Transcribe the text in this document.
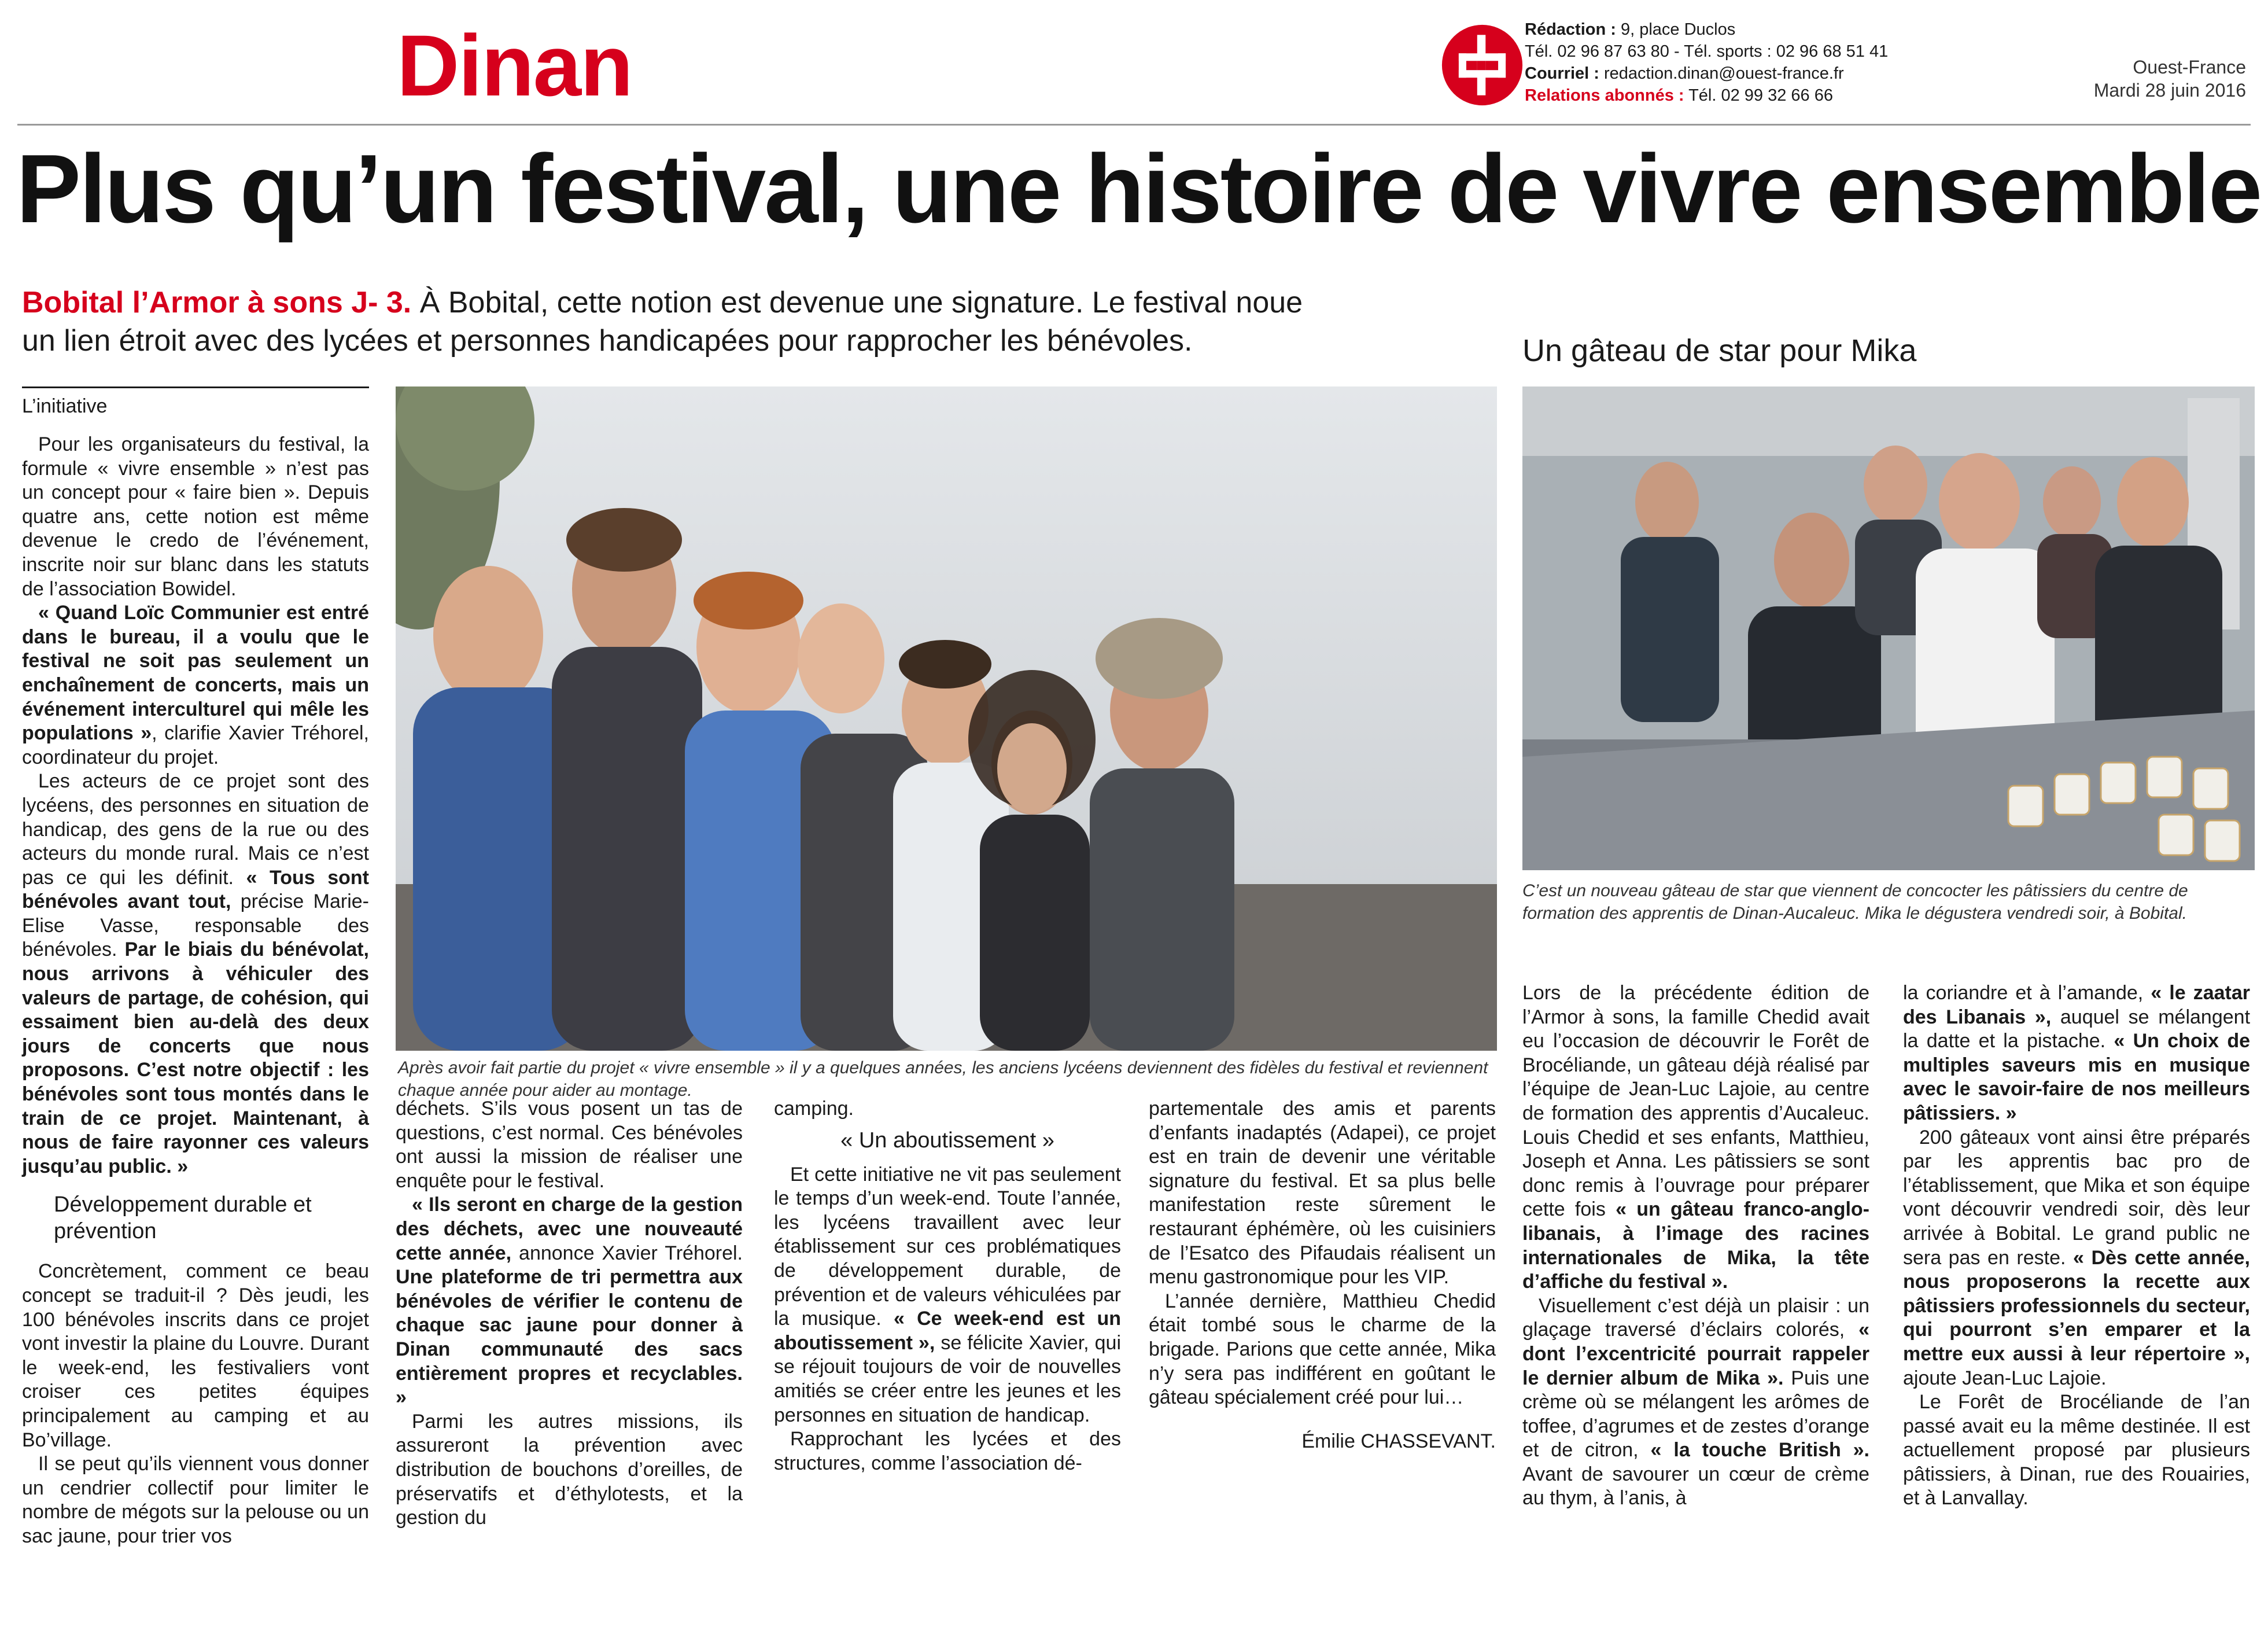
Dinan	Rédaction : 9, place Duclos
Tél. 02 96 87 63 80 - Tél. sports : 02 96 68 51 41
Courriel : redaction.dinan@ouest-france.fr
Relations abonnés : Tél. 02 99 32 66 66
Ouest-France
Mardi 28 juin 2016
Plus qu’un festival, une histoire de vivre ensemble
Bobital l’Armor à sons J- 3. À Bobital, cette notion est devenue une signature. Le festival noue un lien étroit avec des lycées et personnes handicapées pour rapprocher les bénévoles.
L’initiative

Pour les organisateurs du festival, la formule « vivre ensemble » n’est pas un concept pour « faire bien ». Depuis quatre ans, cette notion est même devenue le credo de l’événement, inscrite noir sur blanc dans les statuts de l’association Bowidel.

« Quand Loïc Communier est entré dans le bureau, il a voulu que le festival ne soit pas seulement un enchaînement de concerts, mais un événement interculturel qui mêle les populations », clarifie Xavier Tréhorel, coordinateur du projet.

Les acteurs de ce projet sont des lycéens, des personnes en situation de handicap, des gens de la rue ou des acteurs du monde rural. Mais ce n’est pas ce qui les définit. « Tous sont bénévoles avant tout, précise Marie-Elise Vasse, responsable des bénévoles. Par le biais du bénévolat, nous arrivons à véhiculer des valeurs de partage, de cohésion, qui essaiment bien au-delà des deux jours de concerts que nous proposons. C’est notre objectif : les bénévoles sont tous montés dans le train de ce projet. Maintenant, à nous de faire rayonner ces valeurs jusqu’au public. »

Développement durable et prévention

Concrètement, comment ce beau concept se traduit-il ? Dès jeudi, les 100 bénévoles inscrits dans ce projet vont investir la plaine du Louvre. Durant le week-end, les festivaliers vont croiser ces petites équipes principalement au camping et au Bo’village.

Il se peut qu’ils viennent vous donner un cendrier collectif pour limiter le nombre de mégots sur la pelouse ou un sac jaune, pour trier vos

Après avoir fait partie du projet « vivre ensemble » il y a quelques années, les anciens lycéens deviennent des fidèles du festival et reviennent chaque année pour aider au montage.

déchets. S’ils vous posent un tas de questions, c’est normal. Ces bénévoles ont aussi la mission de réaliser une enquête pour le festival.

« Ils seront en charge de la gestion des déchets, avec une nouveauté cette année, annonce Xavier Tréhorel. Une plateforme de tri permettra aux bénévoles de vérifier le contenu de chaque sac jaune pour donner à Dinan communauté des sacs entièrement propres et recyclables. »

Parmi les autres missions, ils assureront la prévention avec distribution de bouchons d’oreilles, de préservatifs et d’éthylotests, et la gestion du

camping.

« Un aboutissement »

Et cette initiative ne vit pas seulement le temps d’un week-end. Toute l’année, les lycéens travaillent avec leur établissement sur ces problématiques de développement durable, de prévention et de valeurs véhiculées par la musique. « Ce week-end est un aboutissement », se félicite Xavier, qui se réjouit toujours de voir de nouvelles amitiés se créer entre les jeunes et les personnes en situation de handicap.

Rapprochant les lycées et des structures, comme l’association dé-

partementale des amis et parents d’enfants inadaptés (Adapei), ce projet est en train de devenir une véritable signature du festival. Et sa plus belle manifestation reste sûrement le restaurant éphémère, où les cuisiniers de l’Esatco des Pifaudais réalisent un menu gastronomique pour les VIP.

L’année dernière, Matthieu Chedid était tombé sous le charme de la brigade. Parions que cette année, Mika n’y sera pas indifférent en goûtant le gâteau spécialement créé pour lui…

Émilie CHASSEVANT.

Un gâteau de star pour Mika
C’est un nouveau gâteau de star que viennent de concocter les pâtissiers du centre de formation des apprentis de Dinan-Aucaleuc. Mika le dégustera vendredi soir, à Bobital.

Lors de la précédente édition de l’Armor à sons, la famille Chedid avait eu l’occasion de découvrir le Forêt de Brocéliande, un gâteau déjà réalisé par l’équipe de Jean-Luc Lajoie, au centre de formation des apprentis d’Aucaleuc. Louis Chedid et ses enfants, Matthieu, Joseph et Anna. Les pâtissiers se sont donc remis à l’ouvrage pour préparer cette fois « un gâteau franco-anglo-libanais, à l’image des racines internationales de Mika, la tête d’affiche du festival ».

Visuellement c’est déjà un plaisir : un glaçage traversé d’éclairs colorés, « dont l’excentricité pourrait rappeler le dernier album de Mika ». Puis une crème où se mélangent les arômes de toffee, d’agrumes et de zestes d’orange et de citron, « la touche British ». Avant de savourer un cœur de crème au thym, à l’anis, à

la coriandre et à l’amande, « le zaatar des Libanais », auquel se mélangent la datte et la pistache. « Un choix de multiples saveurs mis en musique avec le savoir-faire de nos meilleurs pâtissiers. »

200 gâteaux vont ainsi être préparés par les apprentis bac pro de l’établissement, que Mika et son équipe vont découvrir vendredi soir, dès leur arrivée à Bobital. Le grand public ne sera pas en reste. « Dès cette année, nous proposerons la recette aux pâtissiers professionnels du secteur, qui pourront s’en emparer et la mettre eux aussi à leur répertoire », ajoute Jean-Luc Lajoie.

Le Forêt de Brocéliande de l’an passé avait eu la même destinée. Il est actuellement proposé par plusieurs pâtissiers, à Dinan, rue des Rouairies, et à Lanvallay.
